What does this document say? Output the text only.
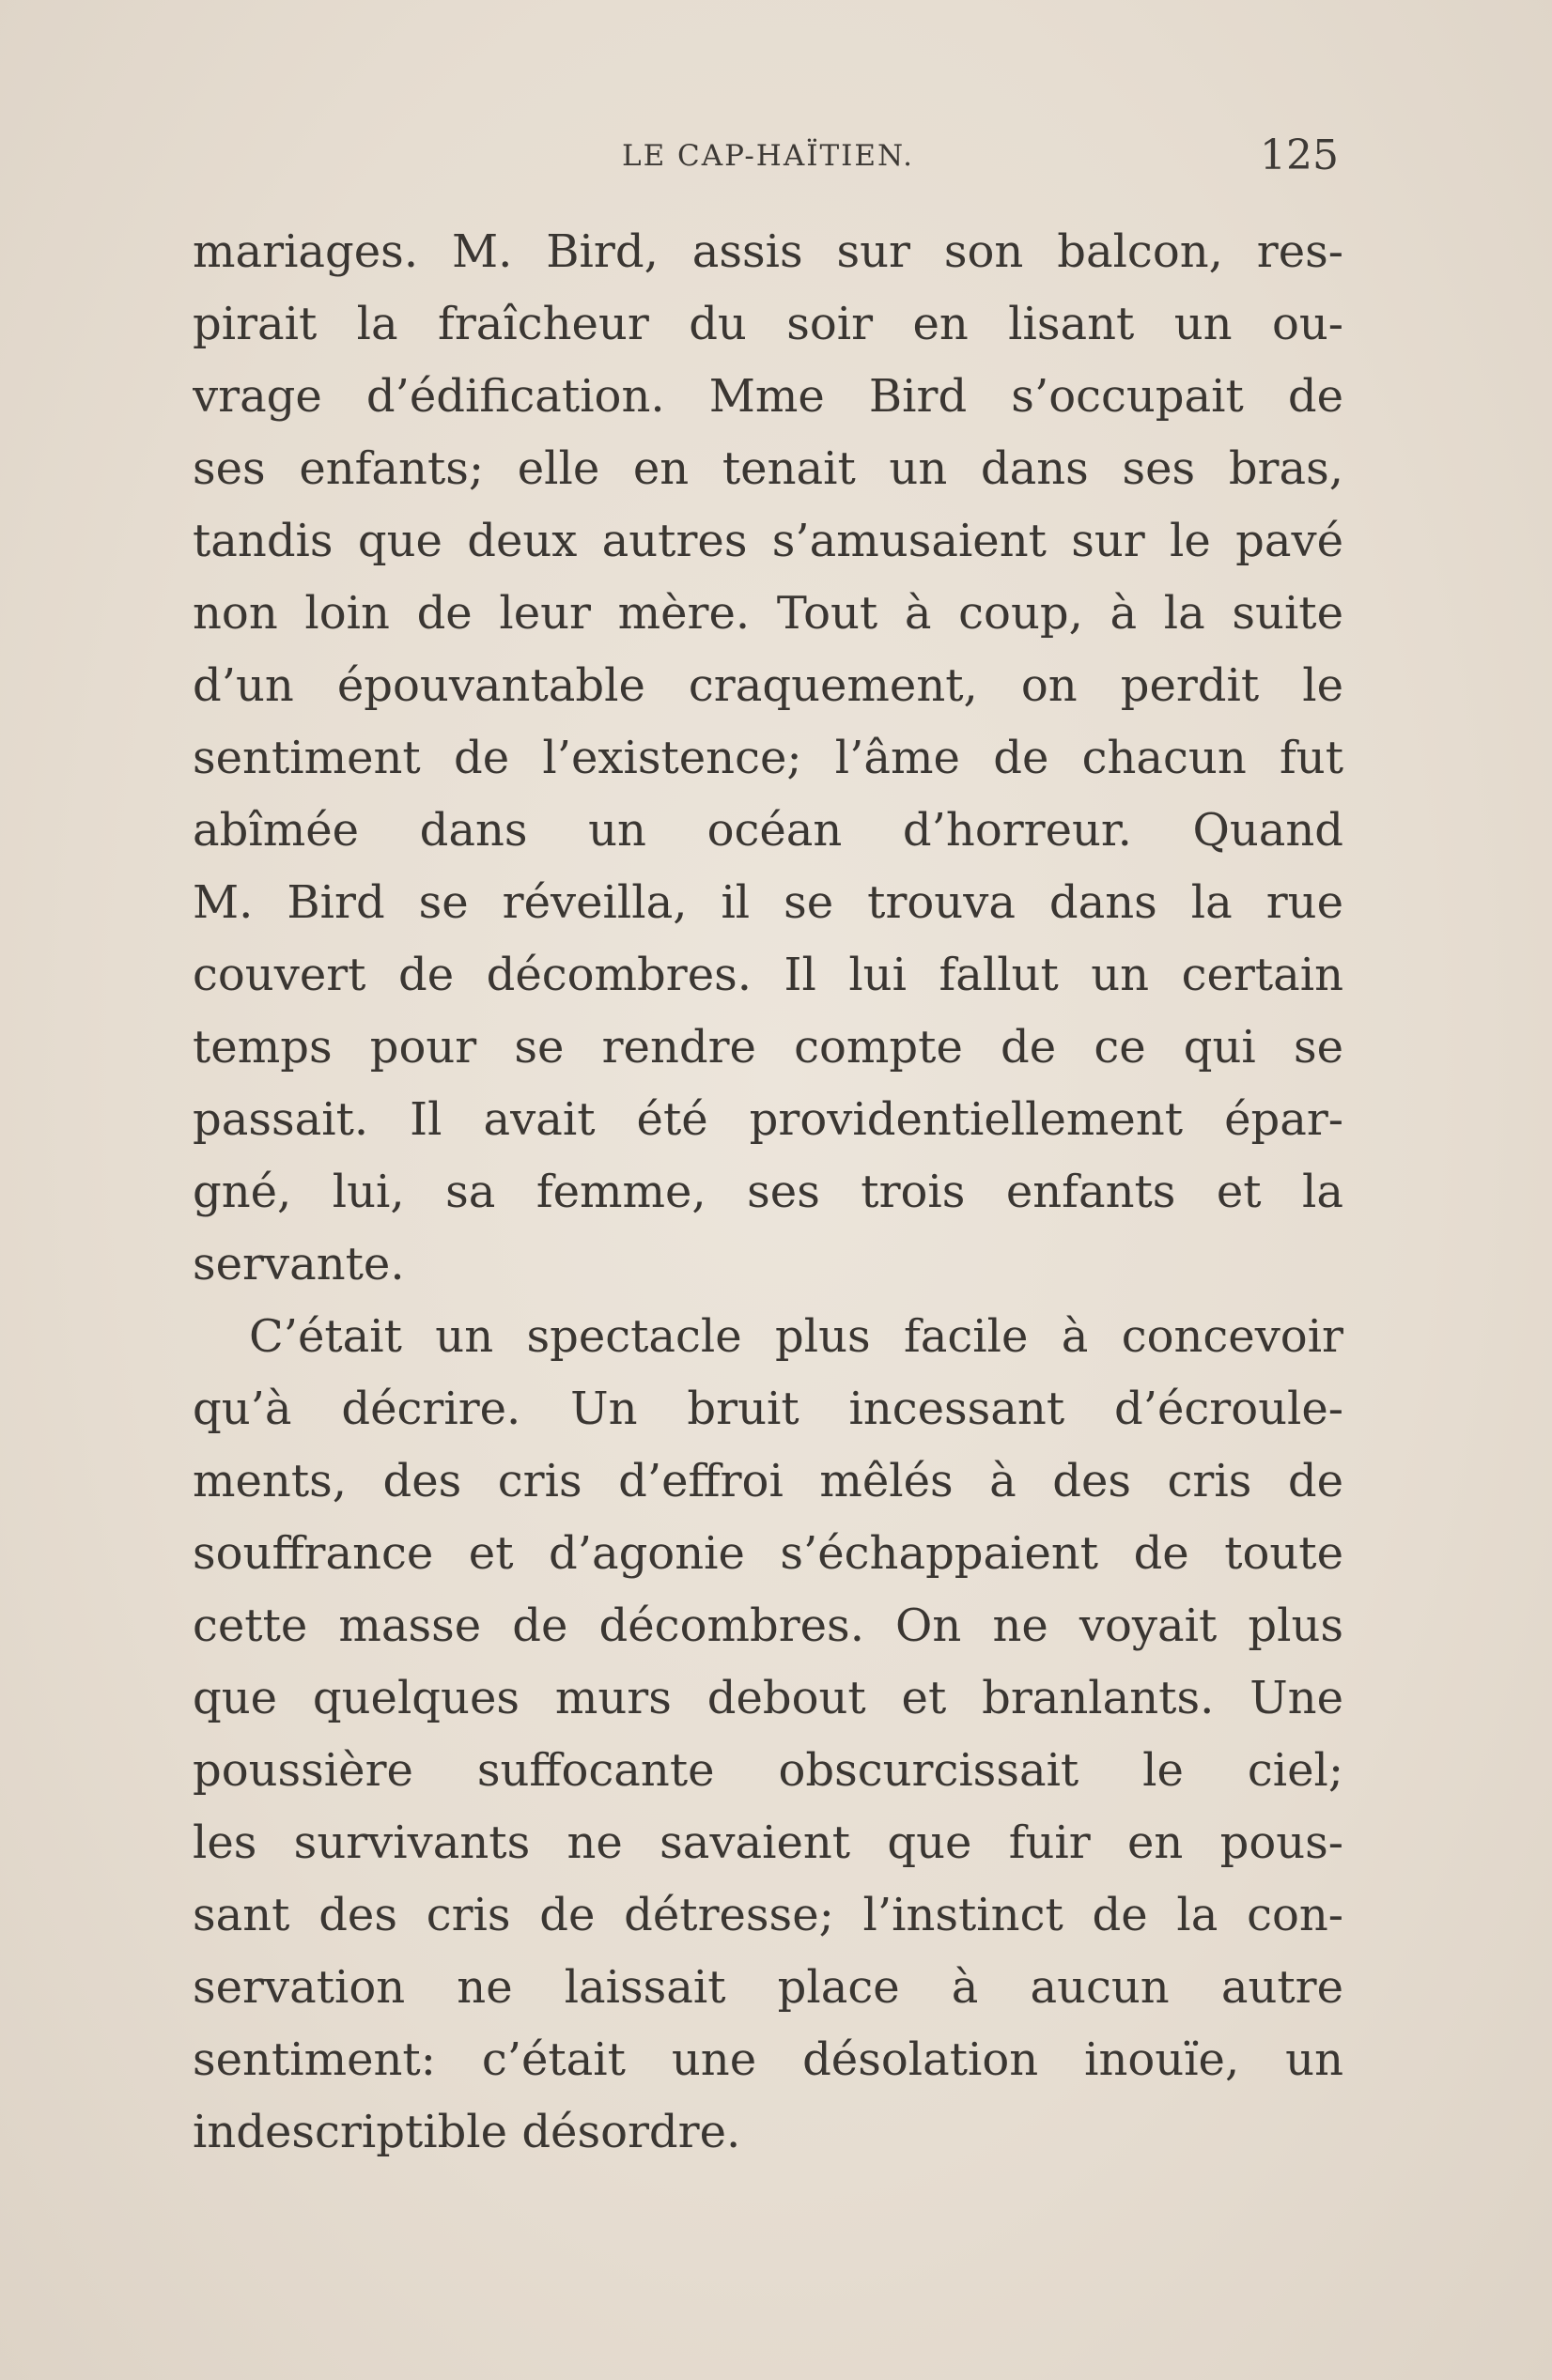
LE CAP-HAÏTIEN.	125
mariages. M. Bird, assis sur son balcon, res-
pirait la fraîcheur du soir en lisant un ou-
vrage d’édification. Mme Bird s’occupait de
ses enfants; elle en tenait un dans ses bras,
tandis que deux autres s’amusaient sur le pavé
non loin de leur mère. Tout à coup, à la suite
d’un épouvantable craquement, on perdit le
sentiment de l’existence; l’âme de chacun fut
abîmée dans un océan d’horreur. Quand
M. Bird se réveilla, il se trouva dans la rue
couvert de décombres. Il lui fallut un certain
temps pour se rendre compte de ce qui se
passait. Il avait été providentiellement épar-
gné, lui, sa femme, ses trois enfants et la
servante.
C’était un spectacle plus facile à concevoir
qu’à décrire. Un bruit incessant d’écroule-
ments, des cris d’effroi mêlés à des cris de
souffrance et d’agonie s’échappaient de toute
cette masse de décombres. On ne voyait plus
que quelques murs debout et branlants. Une
poussière suffocante obscurcissait le ciel;
les survivants ne savaient que fuir en pous-
sant des cris de détresse; l’instinct de la con-
servation ne laissait place à aucun autre
sentiment: c’était une désolation inouïe, un
indescriptible désordre.
